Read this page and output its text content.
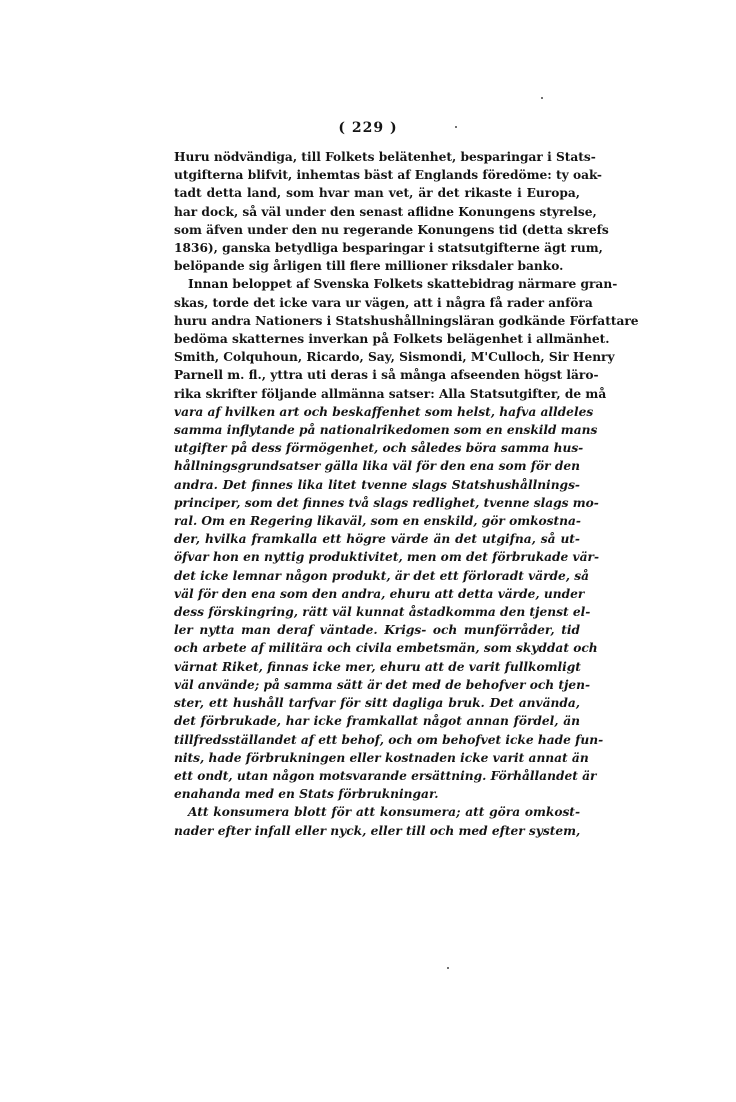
( 229 )
Huru nödvändiga, till Folkets belätenhet, besparingar i Stats-
utgifterna blifvit, inhemtas bäst af Englands föredöme: ty oak-
tadt detta land, som hvar man vet, är det rikaste i Europa,
har dock, så väl under den senast aflidne Konungens styrelse,
som äfven under den nu regerande Konungens tid (detta skrefs
1836), ganska betydliga besparingar i statsutgifterne ägt rum,
belöpande sig årligen till flere millioner riksdaler banko.
Innan beloppet af Svenska Folkets skattebidrag närmare gran-
skas, torde det icke vara ur vägen, att i några få rader anföra
huru andra Nationers i Statshushållningsläran godkände Författare
bedöma skatternes inverkan på Folkets belägenhet i allmänhet.
Smith, Colquhoun, Ricardo, Say, Sismondi, M'Culloch, Sir Henry
Parnell m. fl., yttra uti deras i så många afseenden högst läro-
rika skrifter följande allmänna satser: Alla Statsutgifter, de må
vara af hvilken art och beskaffenhet som helst, hafva alldeles
samma inflytande på nationalrikedomen som en enskild mans
utgifter på dess förmögenhet, och således böra samma hus-
hållningsgrundsatser gälla lika väl för den ena som för den
andra. Det finnes lika litet tvenne slags Statshushållnings-
principer, som det finnes två slags redlighet, tvenne slags mo-
ral. Om en Regering likaväl, som en enskild, gör omkostna-
der, hvilka framkalla ett högre värde än det utgifna, så ut-
öfvar hon en nyttig produktivitet, men om det förbrukade vär-
det icke lemnar någon produkt, är det ett förloradt värde, så
väl för den ena som den andra, ehuru att detta värde, under
dess förskingring, rätt väl kunnat åstadkomma den tjenst el-
ler nytta man deraf väntade. Krigs- och munförråder, tid
och arbete af militära och civila embetsmän, som skyddat och
värnat Riket, finnas icke mer, ehuru att de varit fullkomligt
väl använde; på samma sätt är det med de behofver och tjen-
ster, ett hushåll tarfvar för sitt dagliga bruk. Det använda,
det förbrukade, har icke framkallat något annan fördel, än
tillfredsställandet af ett behof, och om behofvet icke hade fun-
nits, hade förbrukningen eller kostnaden icke varit annat än
ett ondt, utan någon motsvarande ersättning. Förhållandet är
enahanda med en Stats förbrukningar.
Att konsumera blott för att konsumera; att göra omkost-
nader efter infall eller nyck, eller till och med efter system,
